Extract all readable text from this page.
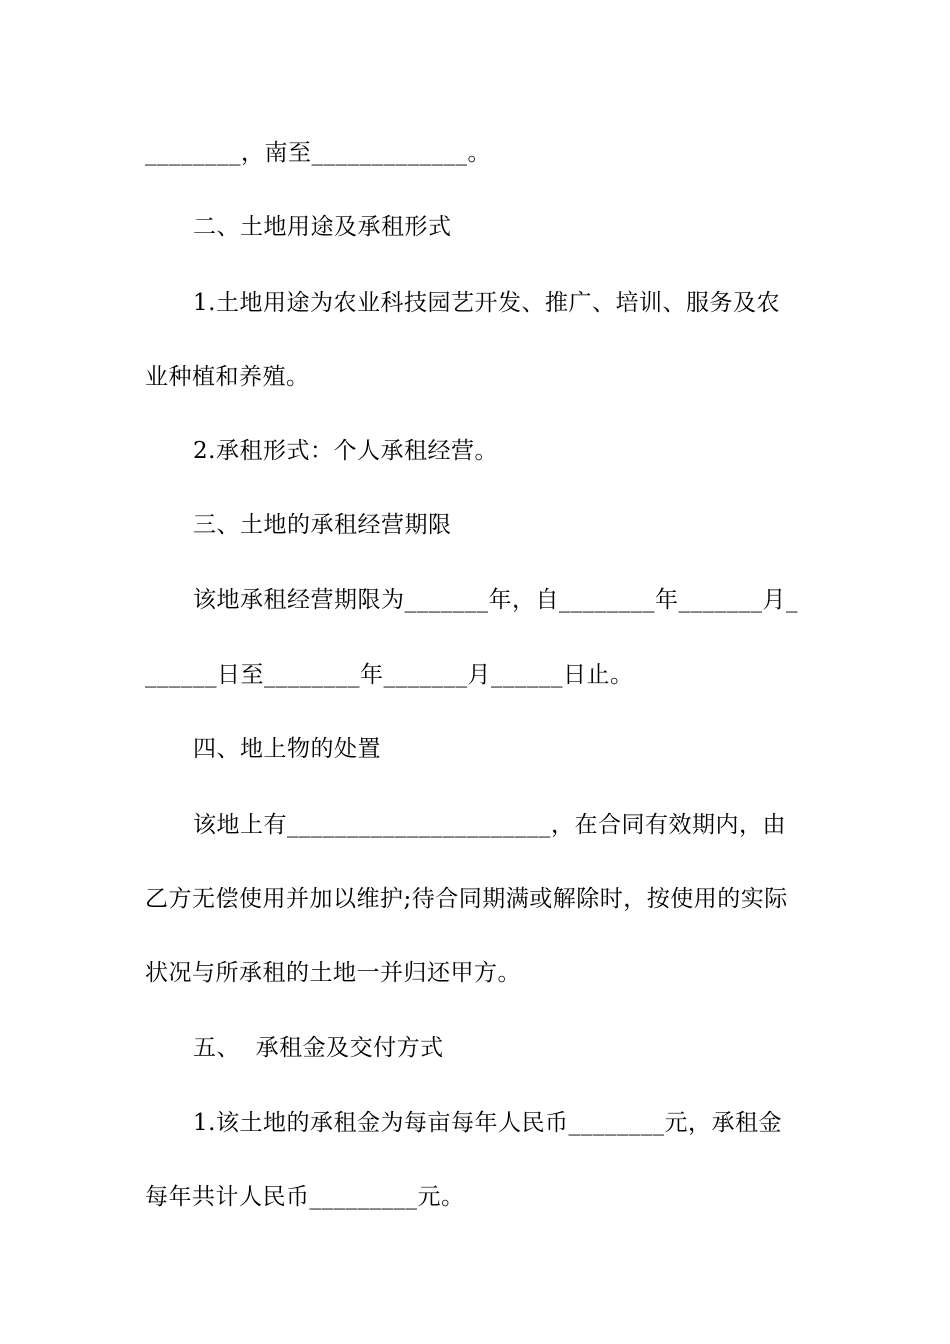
________，南至_____________。
二、土地用途及承租形式
1.土地用途为农业科技园艺开发、推广、培训、服务及农
业种植和养殖。
2.承租形式：个人承租经营。
三、土地的承租经营期限
该地承租经营期限为_______年，自________年_______月_
______日至________年_______月______日止。
四、地上物的处置
该地上有______________________，在合同有效期内，由
乙方无偿使用并加以维护;待合同期满或解除时，按使用的实际
状况与所承租的土地一并归还甲方。
五、  承租金及交付方式
1.该土地的承租金为每亩每年人民币________元，承租金
每年共计人民币_________元。
